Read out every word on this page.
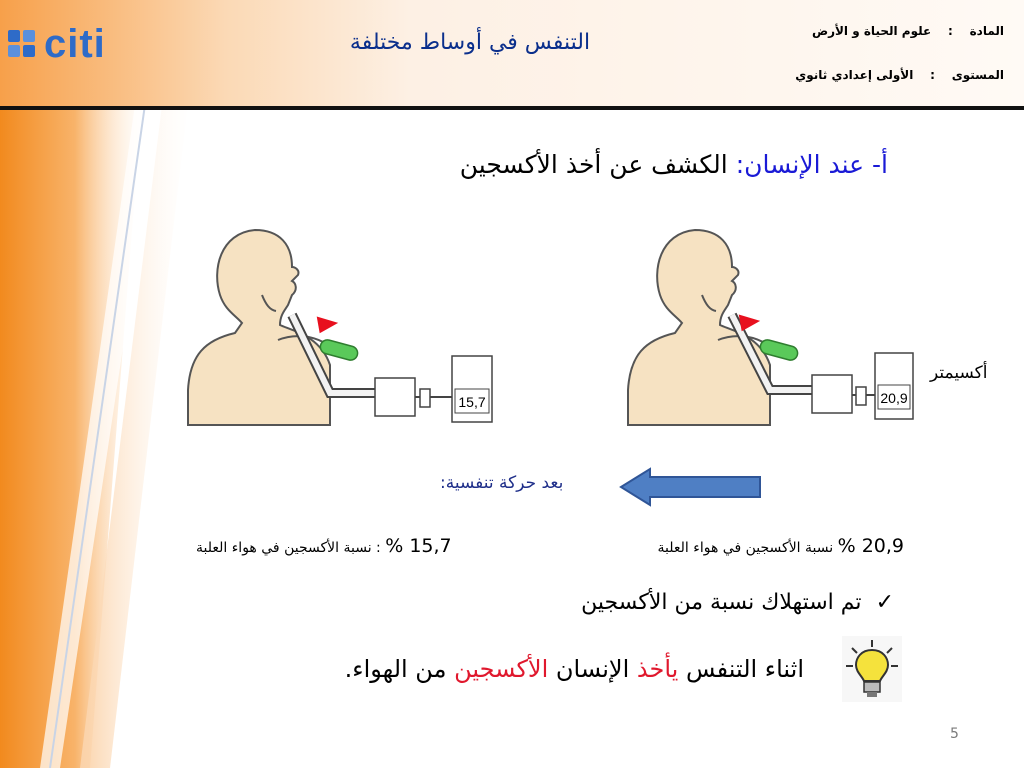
citi	التنفس في أوساط مختلفة	المادة : علوم الحياة و الأرض
المستوى : الأولى إعدادي ثانوي
أ- عند الإنسان: الكشف عن أخذ الأكسجين
15,7	20,9
أكسيمتر
بعد حركة تنفسية:
20,9 % نسبة الأكسجين في هواء العلبة
15,7 % : نسبة الأكسجين في هواء العلبة
✓تم استهلاك نسبة من الأكسجين
اثناء التنفس يأخذ الإنسان الأكسجين من الهواء.
5
